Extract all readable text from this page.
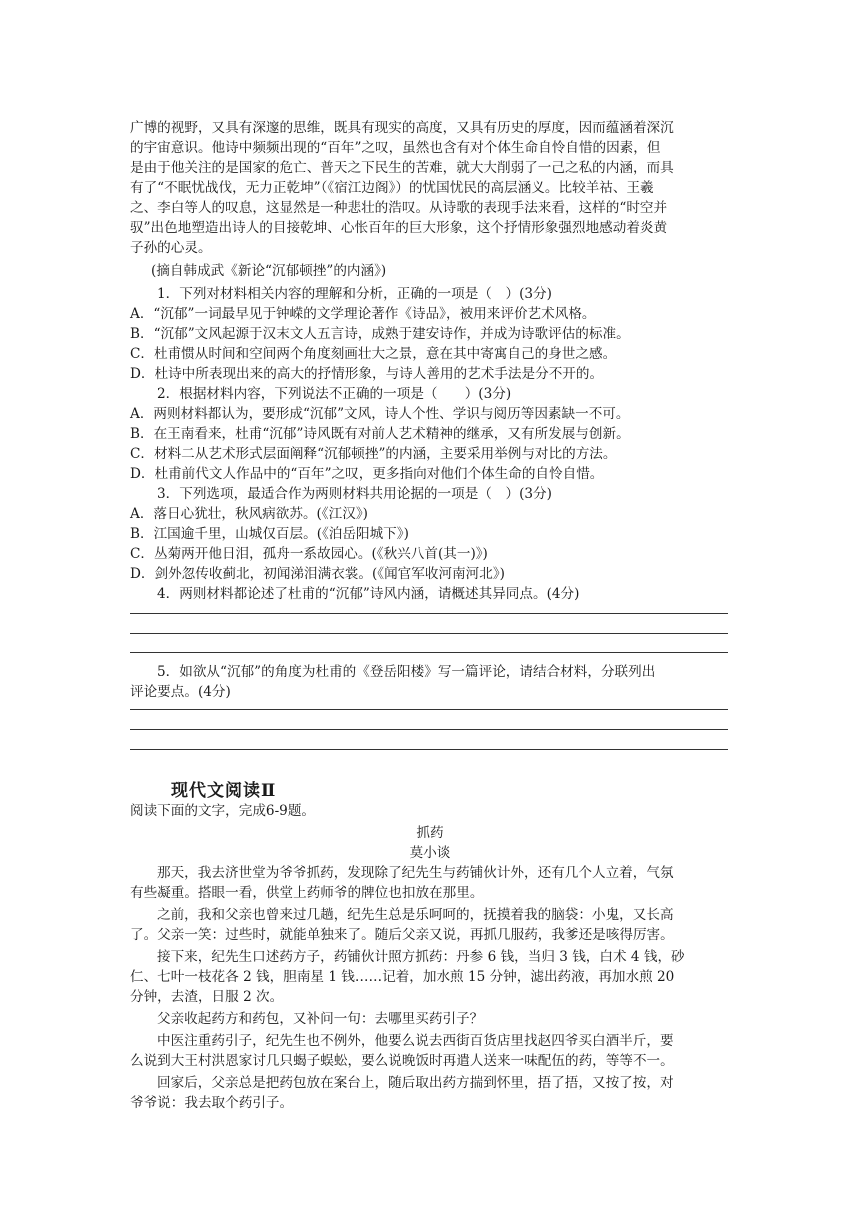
广博的视野，又具有深邃的思维，既具有现实的高度，又具有历史的厚度，因而蕴涵着深沉
的宇宙意识。他诗中频频出现的“百年”之叹，虽然也含有对个体生命自怜自惜的因素，但
是由于他关注的是国家的危亡、普天之下民生的苦难，就大大削弱了一己之私的内涵，而具
有了“不眠忧战伐，无力正乾坤”（《宿江边阁》）的忧国忧民的高层涵义。比较羊祜、王羲
之、李白等人的叹息，这显然是一种悲壮的浩叹。从诗歌的表现手法来看，这样的“时空并
驭”出色地塑造出诗人的目接乾坤、心怅百年的巨大形象，这个抒情形象强烈地感动着炎黄
子孙的心灵。
(摘自韩成武《新论“沉郁顿挫”的内涵》)
1．下列对材料相关内容的理解和分析，正确的一项是（　）(3分)
A．“沉郁”一词最早见于钟嵘的文学理论著作《诗品》，被用来评价艺术风格。
B．“沉郁”文风起源于汉末文人五言诗，成熟于建安诗作，并成为诗歌评估的标准。
C．杜甫惯从时间和空间两个角度刻画壮大之景，意在其中寄寓自己的身世之感。
D．杜诗中所表现出来的高大的抒情形象，与诗人善用的艺术手法是分不开的。
2．根据材料内容，下列说法不正确的一项是（　　）(3分)
A．两则材料都认为，要形成“沉郁”文风，诗人个性、学识与阅历等因素缺一不可。
B．在王南看来，杜甫“沉郁”诗风既有对前人艺术精神的继承，又有所发展与创新。
C．材料二从艺术形式层面阐释“沉郁顿挫”的内涵，主要采用举例与对比的方法。
D．杜甫前代文人作品中的“百年”之叹，更多指向对他们个体生命的自怜自惜。
3．下列选项，最适合作为两则材料共用论据的一项是（　）(3分)
A．落日心犹壮，秋风病欲苏。(《江汉》)
B．江国逾千里，山城仅百层。(《泊岳阳城下》)
C．丛菊两开他日泪，孤舟一系故园心。(《秋兴八首(其一)》)
D．剑外忽传收蓟北，初闻涕泪满衣裳。(《闻官军收河南河北》)
4．两则材料都论述了杜甫的“沉郁”诗风内涵，请概述其异同点。(4分)
5．如欲从“沉郁”的角度为杜甫的《登岳阳楼》写一篇评论，请结合材料，分联列出
评论要点。(4分)
现代文阅读Ⅱ
阅读下面的文字，完成6-9题。
抓药
莫小谈
那天，我去济世堂为爷爷抓药，发现除了纪先生与药铺伙计外，还有几个人立着，气氛
有些凝重。搭眼一看，供堂上药师爷的牌位也扣放在那里。
之前，我和父亲也曾来过几趟，纪先生总是乐呵呵的，抚摸着我的脑袋：小鬼，又长高
了。父亲一笑：过些时，就能单独来了。随后父亲又说，再抓几服药，我爹还是咳得厉害。
接下来，纪先生口述药方子，药铺伙计照方抓药：丹参 6 钱，当归 3 钱，白术 4 钱，砂
仁、七叶一枝花各 2 钱，胆南星 1 钱……记着，加水煎 15 分钟，滤出药液，再加水煎 20
分钟，去渣，日服 2 次。
父亲收起药方和药包，又补问一句：去哪里买药引子？
中医注重药引子，纪先生也不例外，他要么说去西街百货店里找赵四爷买白酒半斤，要
么说到大王村洪恩家讨几只蝎子蜈蚣，要么说晚饭时再遣人送来一味配伍的药，等等不一。
回家后，父亲总是把药包放在案台上，随后取出药方揣到怀里，捂了捂，又按了按，对
爷爷说：我去取个药引子。
